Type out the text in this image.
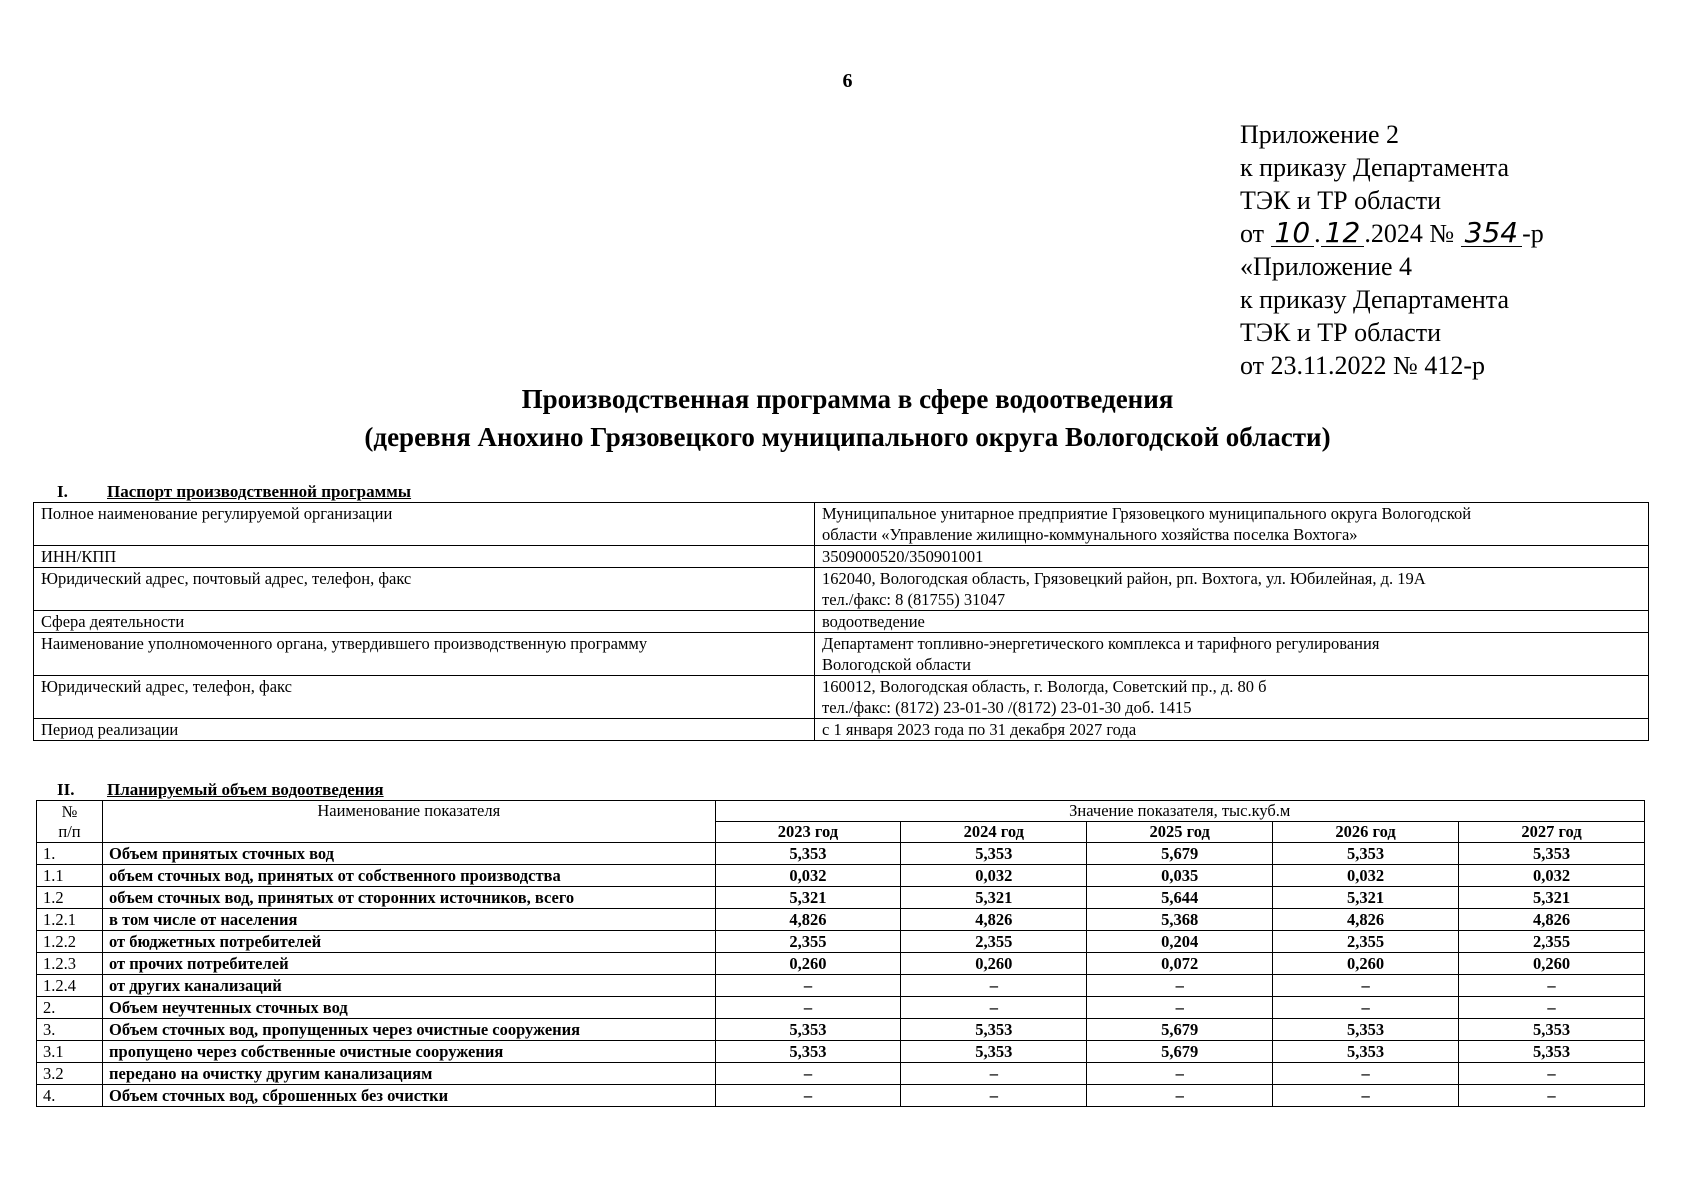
6
Приложение 2
к приказу Департамента
ТЭК и ТР области
от 10 . 12 .2024 № 354 -р
«Приложение 4
к приказу Департамента
ТЭК и ТР области
от 23.11.2022 № 412-р
Производственная программа в сфере водоотведения
(деревня Анохино Грязовецкого муниципального округа Вологодской области)
I. Паспорт производственной программы
Полное наименование регулируемой организации	Муниципальное унитарное предприятие Грязовецкого муниципального округа Вологодской
области «Управление жилищно-коммунального хозяйства поселка Вохтога»

ИНН/КПП	3509000520/350901001

Юридический адрес, почтовый адрес, телефон, факс	162040, Вологодская область, Грязовецкий район, рп. Вохтога, ул. Юбилейная, д. 19А
тел./факс: 8 (81755) 31047

Сфера деятельности	водоотведение

Наименование уполномоченного органа, утвердившего производственную программу	Департамент топливно-энергетического комплекса и тарифного регулирования
Вологодской области

Юридический адрес, телефон, факс	160012, Вологодская область, г. Вологда, Советский пр., д. 80 б
тел./факс: (8172) 23-01-30 /(8172) 23-01-30 доб. 1415

Период реализации	с 1 января 2023 года по 31 декабря 2027 года
II. Планируемый объем водоотведения
№
п/п	Наименование показателя	Значение показателя, тыс.куб.м				
		2023 год	2024 год	2025 год	2026 год	2027 год
1.	Объем принятых сточных вод	5,353	5,353	5,679	5,353	5,353
1.1	объем сточных вод, принятых от собственного производства	0,032	0,032	0,035	0,032	0,032
1.2	объем сточных вод, принятых от сторонних источников, всего	5,321	5,321	5,644	5,321	5,321
1.2.1	в том числе от населения	4,826	4,826	5,368	4,826	4,826
1.2.2	от бюджетных потребителей	2,355	2,355	0,204	2,355	2,355
1.2.3	от прочих потребителей	0,260	0,260	0,072	0,260	0,260
1.2.4	от других канализаций	–	–	–	–	–
2.	Объем неучтенных сточных вод	–	–	–	–	–
3.	Объем сточных вод, пропущенных через очистные сооружения	5,353	5,353	5,679	5,353	5,353
3.1	пропущено через собственные очистные сооружения	5,353	5,353	5,679	5,353	5,353
3.2	передано на очистку другим канализациям	–	–	–	–	–
4.	Объем сточных вод, сброшенных без очистки	–	–	–	–	–
